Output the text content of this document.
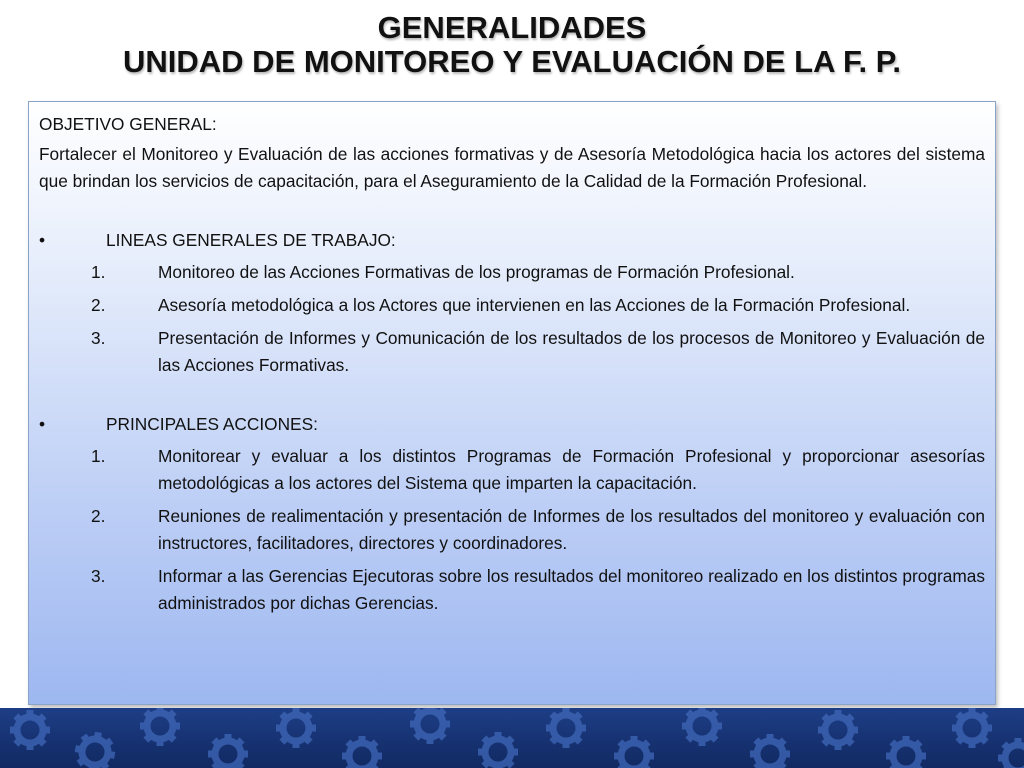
GENERALIDADES
UNIDAD DE MONITOREO Y EVALUACIÓN DE LA F. P.

OBJETIVO GENERAL:

Fortalecer el Monitoreo y Evaluación de las acciones formativas y de Asesoría Metodológica hacia los actores del sistema que brindan los servicios de capacitación, para el Aseguramiento de la Calidad de la Formación Profesional.

•	LINEAS GENERALES DE TRABAJO:
1.	Monitoreo de las Acciones Formativas de los programas de Formación Profesional.
2.	Asesoría metodológica a los Actores que intervienen en las Acciones de la Formación Profesional.
3.	Presentación de Informes y Comunicación de los resultados de los procesos de Monitoreo y Evaluación de las Acciones Formativas.
•	PRINCIPALES ACCIONES:
1.	Monitorear y evaluar a los distintos Programas de Formación Profesional y proporcionar asesorías metodológicas a los actores del Sistema que imparten la capacitación.
2.	Reuniones de realimentación y presentación de Informes de los resultados del monitoreo y evaluación con instructores, facilitadores, directores y coordinadores.
3.	Informar a las Gerencias Ejecutoras sobre los resultados del monitoreo realizado en los distintos programas administrados por dichas Gerencias.
